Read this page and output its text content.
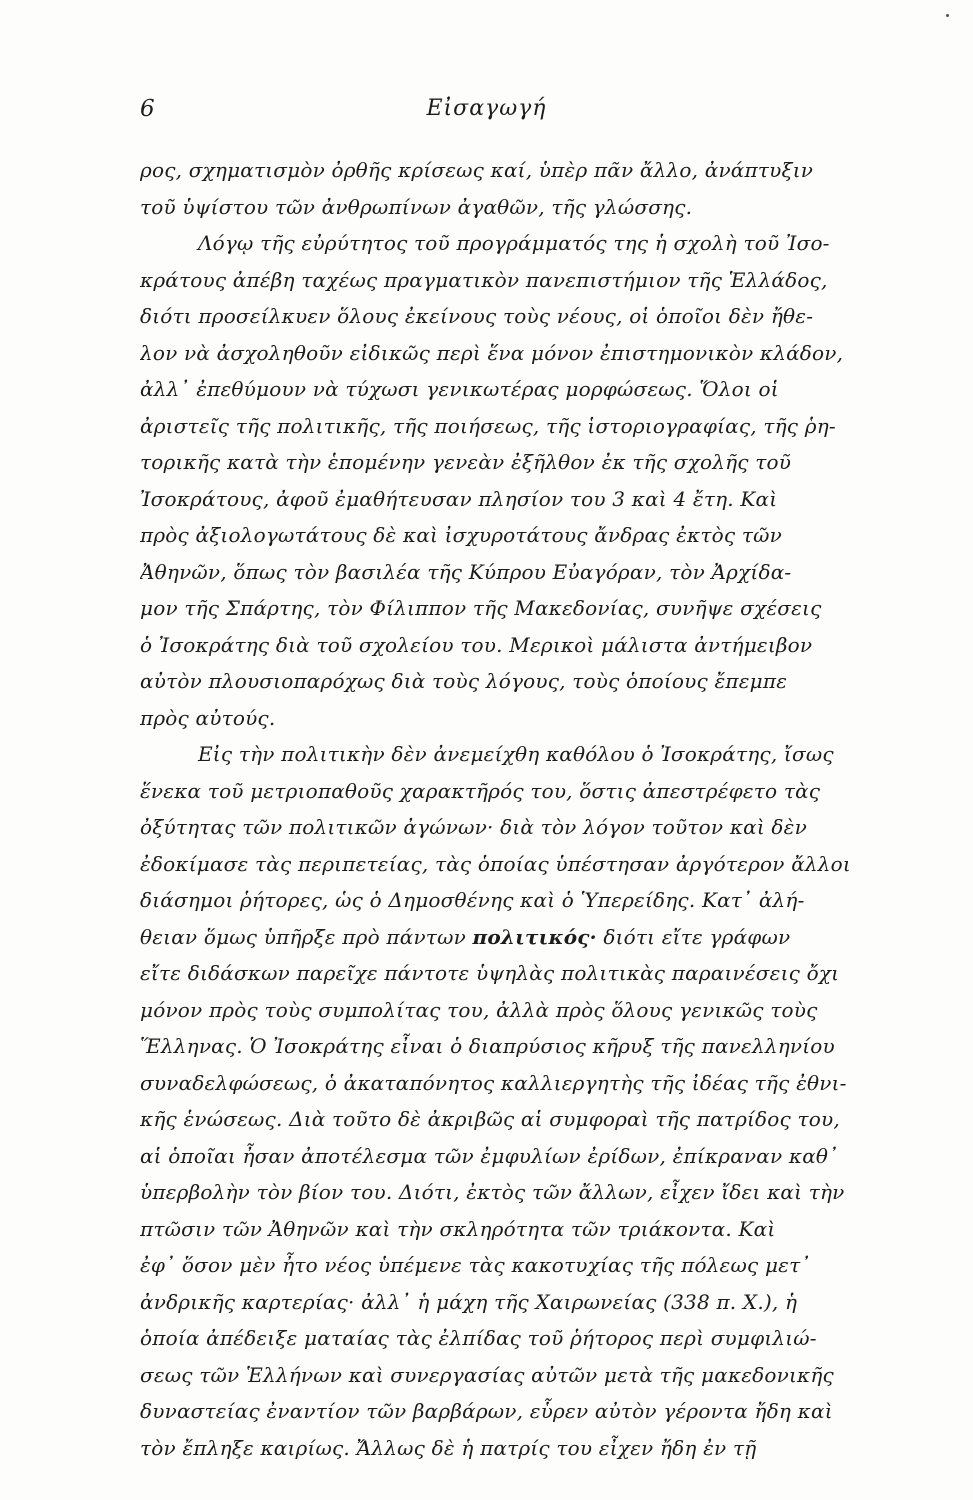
6	Εἰσαγωγή
ρος, σχηματισμὸν ὀρθῆς κρίσεως καί, ὑπὲρ πᾶν ἄλλο, ἀνάπτυξιν
τοῦ ὑψίστου τῶν ἀνθρωπίνων ἀγαθῶν, τῆς γλώσσης.
Λόγῳ τῆς εὐρύτητος τοῦ προγράμματός της ἡ σχολὴ τοῦ Ἰσο-
κράτους ἀπέβη ταχέως πραγματικὸν πανεπιστήμιον τῆς Ἑλλάδος,
διότι προσείλκυεν ὅλους ἐκείνους τοὺς νέους, οἱ ὁποῖοι δὲν ἤθε-
λον νὰ ἀσχοληθοῦν εἰδικῶς περὶ ἕνα μόνον ἐπιστημονικὸν κλάδον,
ἀλλ᾽ ἐπεθύμουν νὰ τύχωσι γενικωτέρας μορφώσεως. Ὅλοι οἱ
ἀριστεῖς τῆς πολιτικῆς, τῆς ποιήσεως, τῆς ἱστοριογραφίας, τῆς ῥη-
τορικῆς κατὰ τὴν ἑπομένην γενεὰν ἐξῆλθον ἐκ τῆς σχολῆς τοῦ
Ἰσοκράτους, ἀφοῦ ἐμαθήτευσαν πλησίον του 3 καὶ 4 ἔτη. Καὶ
πρὸς ἀξιολογωτάτους δὲ καὶ ἰσχυροτάτους ἄνδρας ἐκτὸς τῶν
Ἀθηνῶν, ὅπως τὸν βασιλέα τῆς Κύπρου Εὐαγόραν, τὸν Ἀρχίδα-
μον τῆς Σπάρτης, τὸν Φίλιππον τῆς Μακεδονίας, συνῆψε σχέσεις
ὁ Ἰσοκράτης διὰ τοῦ σχολείου του. Μερικοὶ μάλιστα ἀντήμειβον
αὐτὸν πλουσιοπαρόχως διὰ τοὺς λόγους, τοὺς ὁποίους ἔπεμπε
πρὸς αὐτούς.
Εἰς τὴν πολιτικὴν δὲν ἀνεμείχθη καθόλου ὁ Ἰσοκράτης, ἴσως
ἕνεκα τοῦ μετριοπαθοῦς χαρακτῆρός του, ὅστις ἀπεστρέφετο τὰς
ὀξύτητας τῶν πολιτικῶν ἀγώνων· διὰ τὸν λόγον τοῦτον καὶ δὲν
ἐδοκίμασε τὰς περιπετείας, τὰς ὁποίας ὑπέστησαν ἀργότερον ἄλλοι
διάσημοι ῥήτορες, ὡς ὁ Δημοσθένης καὶ ὁ Ὑπερείδης. Κατ᾽ ἀλή-
θειαν ὅμως ὑπῆρξε πρὸ πάντων πολιτικός· διότι εἴτε γράφων
εἴτε διδάσκων παρεῖχε πάντοτε ὑψηλὰς πολιτικὰς παραινέσεις ὄχι
μόνον πρὸς τοὺς συμπολίτας του, ἀλλὰ πρὸς ὅλους γενικῶς τοὺς
Ἕλληνας. Ὁ Ἰσοκράτης εἶναι ὁ διαπρύσιος κῆρυξ τῆς πανελληνίου
συναδελφώσεως, ὁ ἀκαταπόνητος καλλιεργητὴς τῆς ἰδέας τῆς ἐθνι-
κῆς ἑνώσεως. Διὰ τοῦτο δὲ ἀκριβῶς αἱ συμφοραὶ τῆς πατρίδος του,
αἱ ὁποῖαι ἦσαν ἀποτέλεσμα τῶν ἐμφυλίων ἐρίδων, ἐπίκραναν καθ᾽
ὑπερβολὴν τὸν βίον του. Διότι, ἐκτὸς τῶν ἄλλων, εἶχεν ἴδει καὶ τὴν
πτῶσιν τῶν Ἀθηνῶν καὶ τὴν σκληρότητα τῶν τριάκοντα. Καὶ
ἐφ᾽ ὅσον μὲν ἦτο νέος ὑπέμενε τὰς κακοτυχίας τῆς πόλεως μετ᾽
ἀνδρικῆς καρτερίας· ἀλλ᾽ ἡ μάχη τῆς Χαιρωνείας (338 π. Χ.), ἡ
ὁποία ἀπέδειξε ματαίας τὰς ἐλπίδας τοῦ ῥήτορος περὶ συμφιλιώ-
σεως τῶν Ἑλλήνων καὶ συνεργασίας αὐτῶν μετὰ τῆς μακεδονικῆς
δυναστείας ἐναντίον τῶν βαρβάρων, εὗρεν αὐτὸν γέροντα ἤδη καὶ
τὸν ἔπληξε καιρίως. Ἄλλως δὲ ἡ πατρίς του εἶχεν ἤδη ἐν τῇ
